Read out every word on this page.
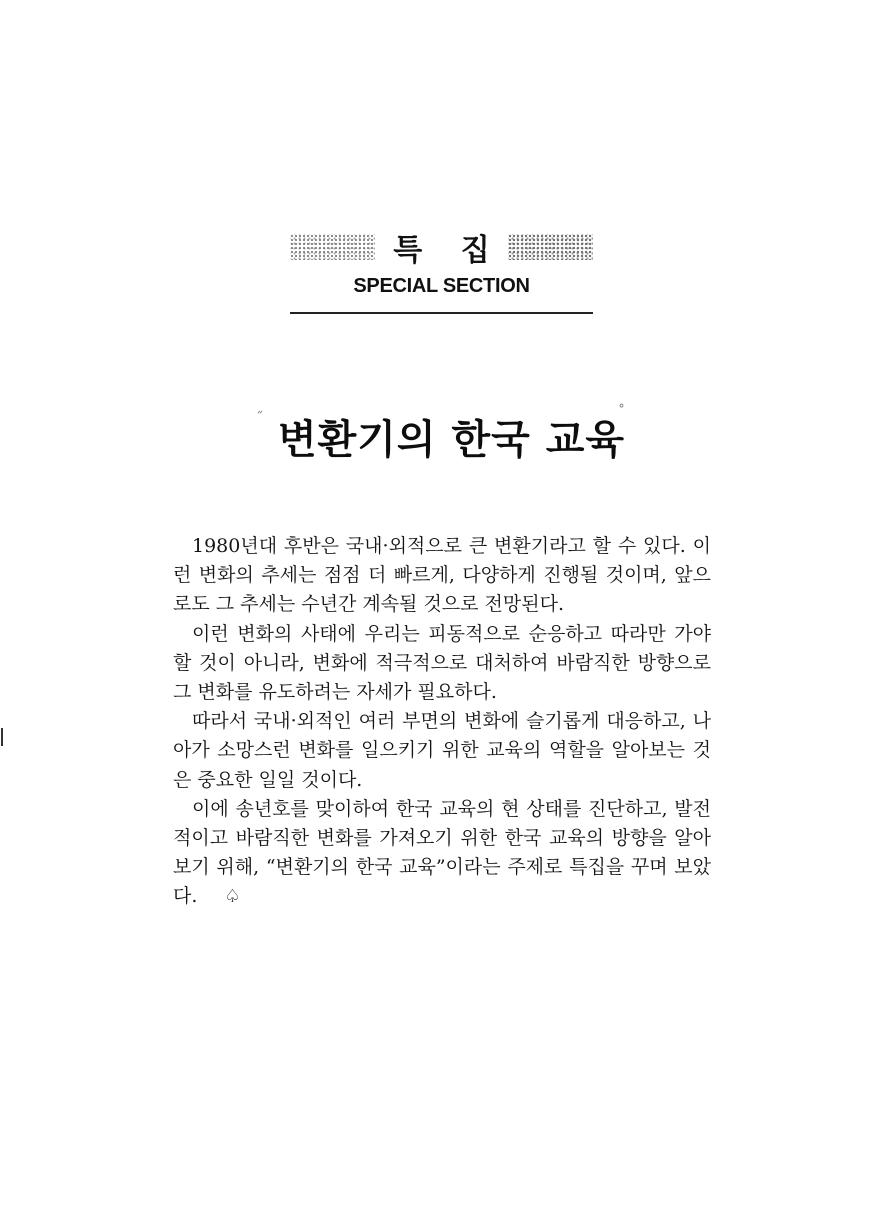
특 집
SPECIAL SECTION
˝ 변환기의 한국 교육
˚

1980년대 후반은 국내·외적으로 큰 변환기라고 할 수 있다. 이런 변화의 추세는 점점 더 빠르게, 다양하게 진행될 것이며, 앞으로도 그 추세는 수년간 계속될 것으로 전망된다.

이런 변화의 사태에 우리는 피동적으로 순응하고 따라만 가야 할 것이 아니라, 변화에 적극적으로 대처하여 바람직한 방향으로 그 변화를 유도하려는 자세가 필요하다.

따라서 국내·외적인 여러 부면의 변화에 슬기롭게 대응하고, 나아가 소망스런 변화를 일으키기 위한 교육의 역할을 알아보는 것은 중요한 일일 것이다.

이에 송년호를 맞이하여 한국 교육의 현 상태를 진단하고, 발전적이고 바람직한 변화를 가져오기 위한 한국 교육의 방향을 알아보기 위해, “변환기의 한국 교육”이라는 주제로 특집을 꾸며 보았다. ♤
